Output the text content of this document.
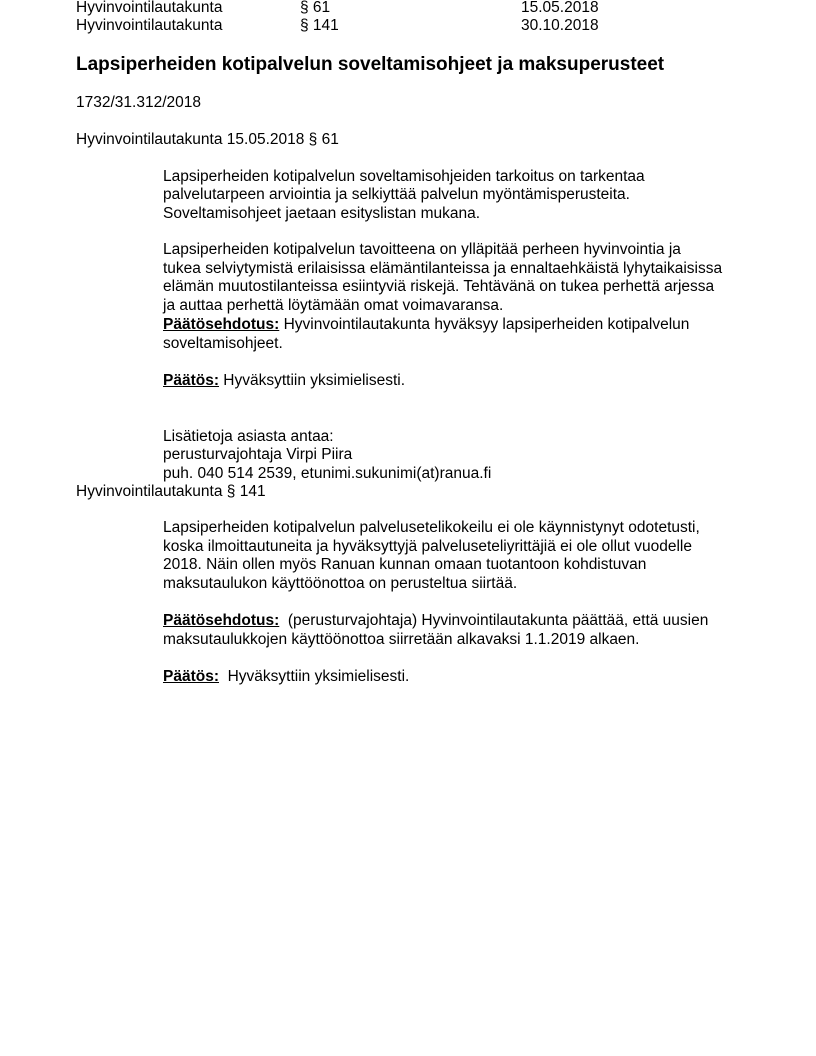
Hyvinvointilautakunta	§ 61	15.05.2018
Hyvinvointilautakunta	§ 141	30.10.2018
Lapsiperheiden kotipalvelun soveltamisohjeet ja maksuperusteet
1732/31.312/2018
Hyvinvointilautakunta 15.05.2018 § 61
Lapsiperheiden kotipalvelun soveltamisohjeiden tarkoitus on tarkentaa
palvelutarpeen arviointia ja selkiyttää palvelun myöntämisperusteita.
Soveltamisohjeet jaetaan esityslistan mukana.
Lapsiperheiden kotipalvelun tavoitteena on ylläpitää perheen hyvinvointia ja
tukea selviytymistä erilaisissa elämäntilanteissa ja ennaltaehkäistä lyhytaikaisissa
elämän muutostilanteissa esiintyviä riskejä. Tehtävänä on tukea perhettä arjessa
ja auttaa perhettä löytämään omat voimavaransa.
Päätösehdotus: Hyvinvointilautakunta hyväksyy lapsiperheiden kotipalvelun
soveltamisohjeet.
Päätös: Hyväksyttiin yksimielisesti.
Lisätietoja asiasta antaa:
perusturvajohtaja Virpi Piira
puh. 040 514 2539, etunimi.sukunimi(at)ranua.fi
Hyvinvointilautakunta § 141
Lapsiperheiden kotipalvelun palvelusetelikokeilu ei ole käynnistynyt odotetusti,
koska ilmoittautuneita ja hyväksyttyjä palveluseteliyrittäjiä ei ole ollut vuodelle
2018. Näin ollen myös Ranuan kunnan omaan tuotantoon kohdistuvan
maksutaulukon käyttöönottoa on perusteltua siirtää.
Päätösehdotus:  (perusturvajohtaja) Hyvinvointilautakunta päättää, että uusien
maksutaulukkojen käyttöönottoa siirretään alkavaksi 1.1.2019 alkaen.
Päätös:  Hyväksyttiin yksimielisesti.
